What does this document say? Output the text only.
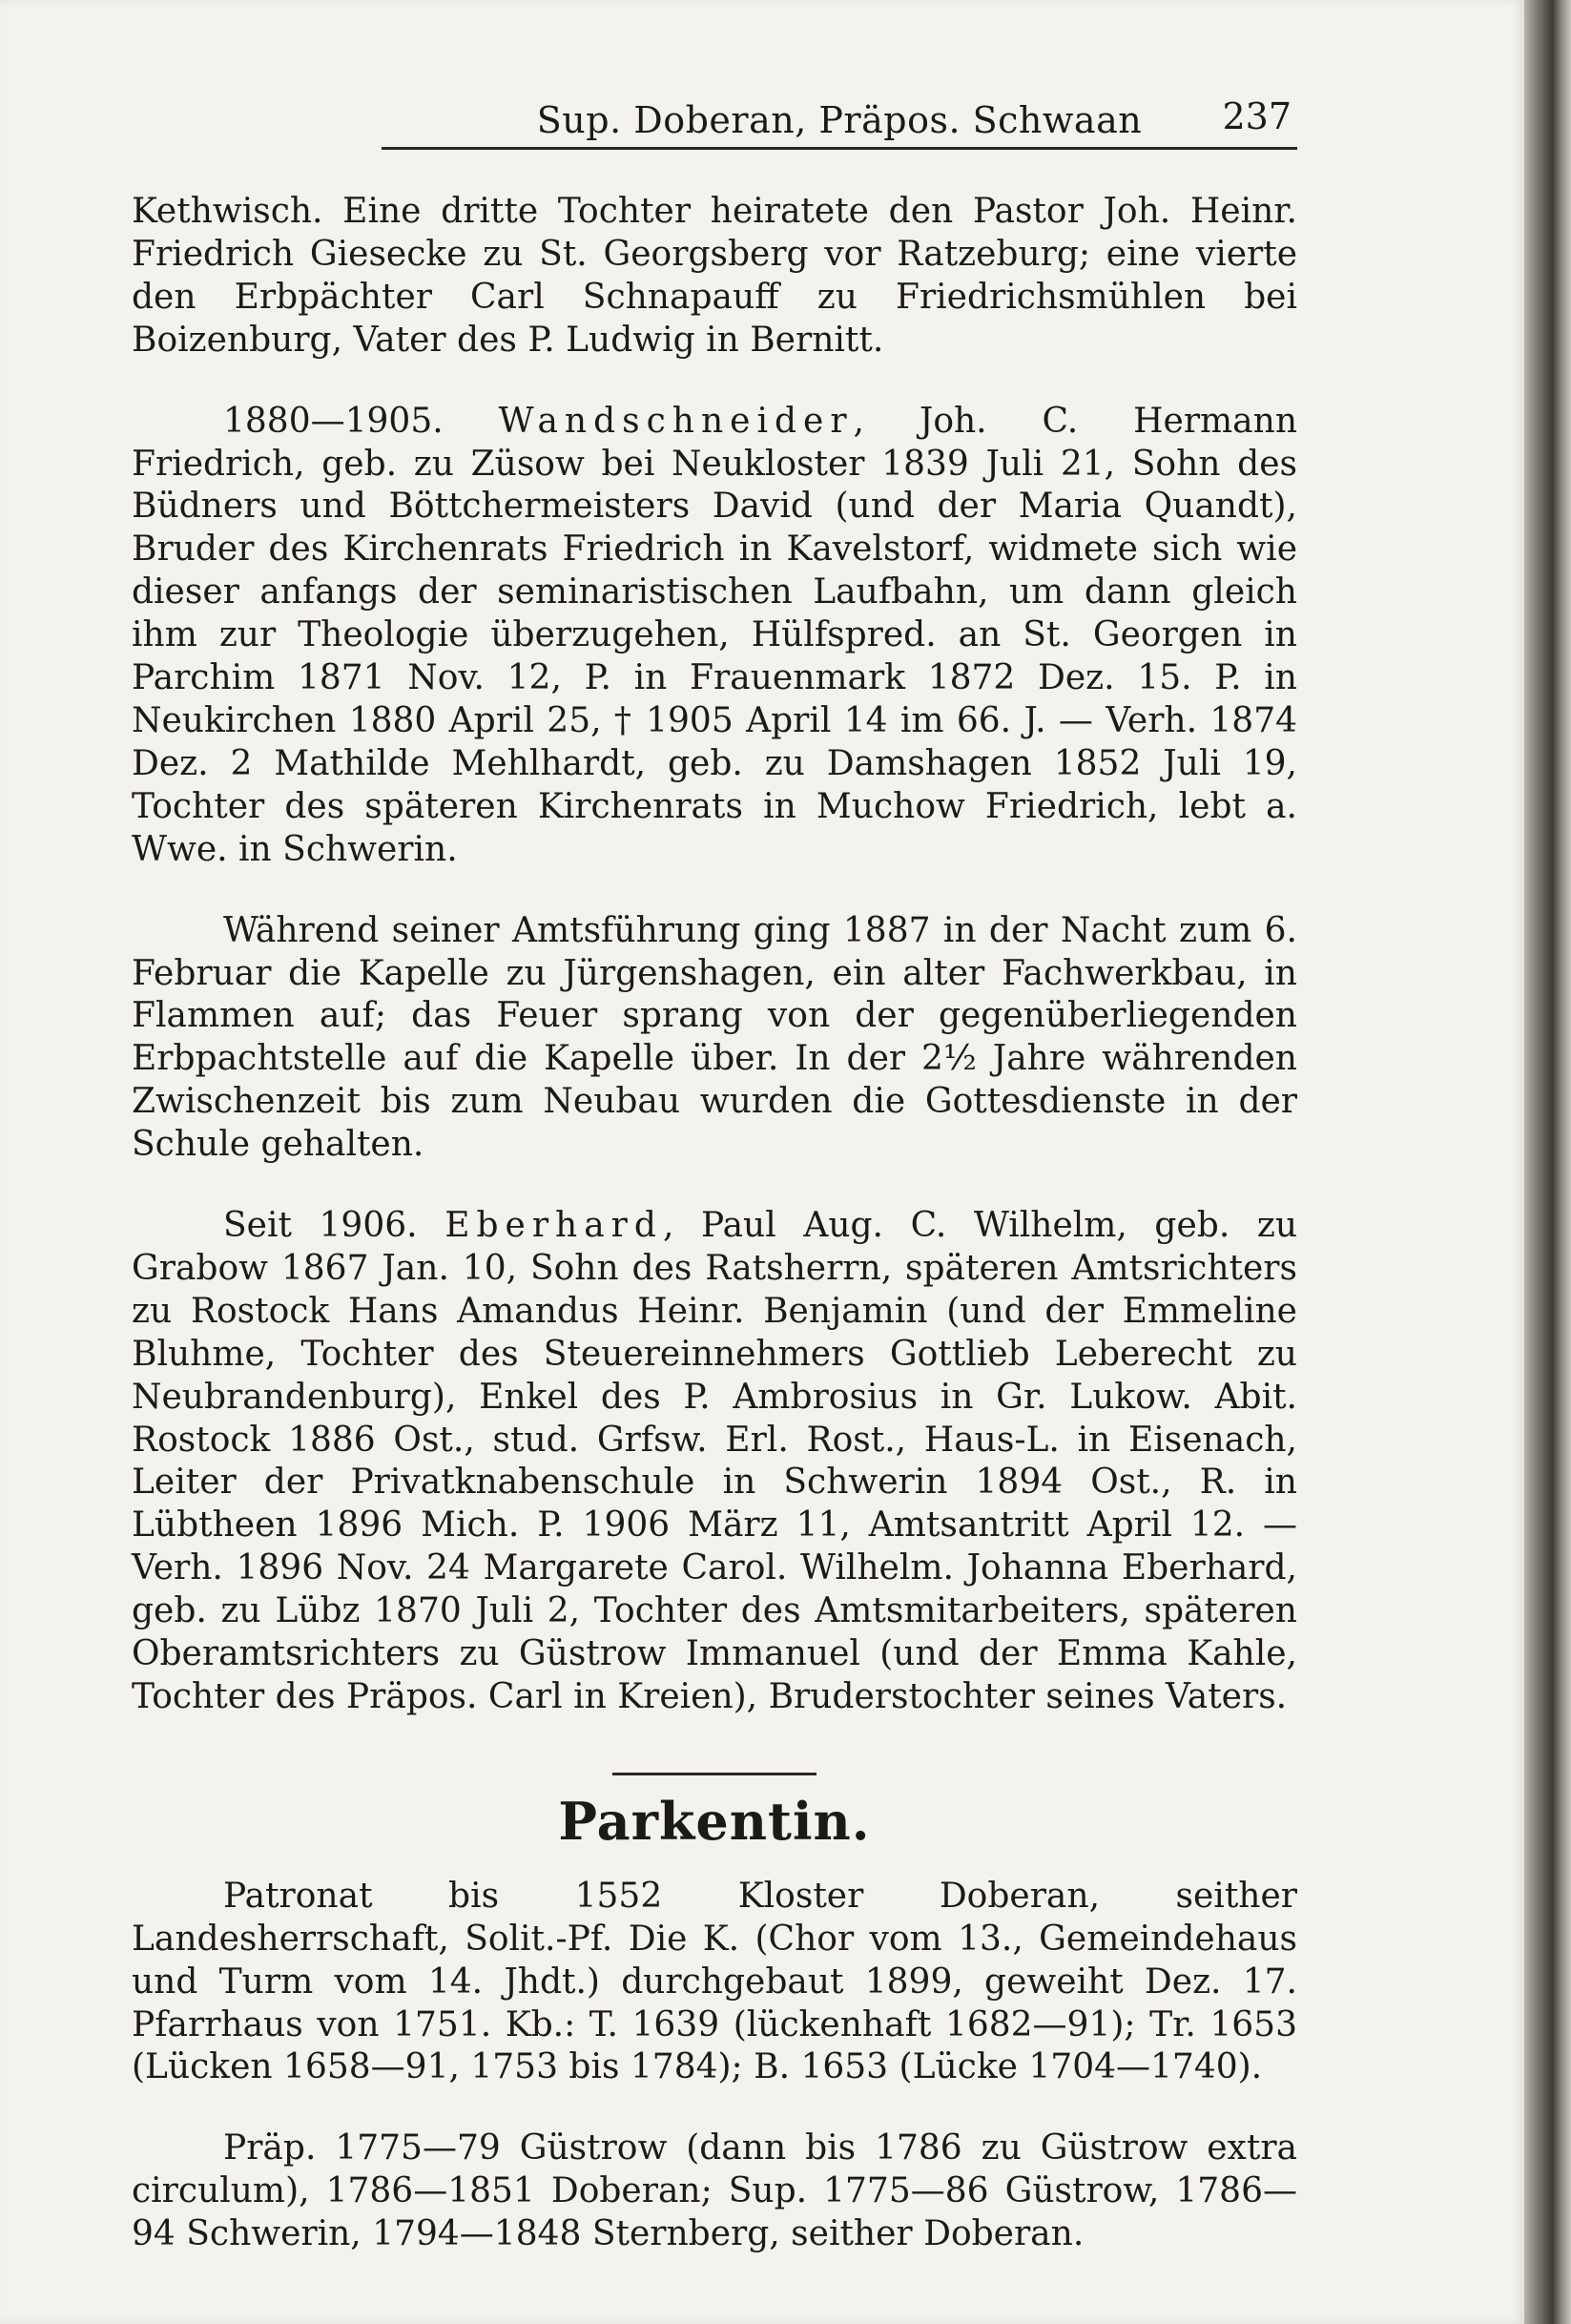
Sup. Doberan, Präpos. Schwaan	237

Kethwisch. Eine dritte Tochter heiratete den Pastor Joh. Heinr. Friedrich Giesecke zu St. Georgsberg vor Ratzeburg; eine vierte den Erbpächter Carl Schnapauff zu Friedrichsmühlen bei Boizenburg, Vater des P. Ludwig in Bernitt.

1880—1905. Wandschneider, Joh. C. Hermann Friedrich, geb. zu Züsow bei Neukloster 1839 Juli 21, Sohn des Büdners und Böttchermeisters David (und der Maria Quandt), Bruder des Kirchenrats Friedrich in Kavelstorf, widmete sich wie dieser anfangs der seminaristischen Laufbahn, um dann gleich ihm zur Theologie überzugehen, Hülfspred. an St. Georgen in Parchim 1871 Nov. 12, P. in Frauenmark 1872 Dez. 15. P. in Neukirchen 1880 April 25, † 1905 April 14 im 66. J. — Verh. 1874 Dez. 2 Mathilde Mehlhardt, geb. zu Damshagen 1852 Juli 19, Tochter des späteren Kirchenrats in Muchow Friedrich, lebt a. Wwe. in Schwerin.

Während seiner Amtsführung ging 1887 in der Nacht zum 6. Februar die Kapelle zu Jürgenshagen, ein alter Fachwerkbau, in Flammen auf; das Feuer sprang von der gegenüberliegenden Erbpachtstelle auf die Kapelle über. In der 2½ Jahre währenden Zwischenzeit bis zum Neubau wurden die Gottesdienste in der Schule gehalten.

Seit 1906. Eberhard, Paul Aug. C. Wilhelm, geb. zu Grabow 1867 Jan. 10, Sohn des Ratsherrn, späteren Amtsrichters zu Rostock Hans Amandus Heinr. Benjamin (und der Emmeline Bluhme, Tochter des Steuereinnehmers Gottlieb Leberecht zu Neubrandenburg), Enkel des P. Ambrosius in Gr. Lukow. Abit. Rostock 1886 Ost., stud. Grfsw. Erl. Rost., Haus-L. in Eisenach, Leiter der Privatknabenschule in Schwerin 1894 Ost., R. in Lübtheen 1896 Mich. P. 1906 März 11, Amtsantritt April 12. — Verh. 1896 Nov. 24 Margarete Carol. Wilhelm. Johanna Eberhard, geb. zu Lübz 1870 Juli 2, Tochter des Amtsmitarbeiters, späteren Oberamtsrichters zu Güstrow Immanuel (und der Emma Kahle, Tochter des Präpos. Carl in Kreien), Bruderstochter seines Vaters.

Parkentin.

Patronat bis 1552 Kloster Doberan, seither Landesherrschaft, Solit.-Pf. Die K. (Chor vom 13., Gemeindehaus und Turm vom 14. Jhdt.) durchgebaut 1899, geweiht Dez. 17. Pfarrhaus von 1751. Kb.: T. 1639 (lückenhaft 1682—91); Tr. 1653 (Lücken 1658—91, 1753 bis 1784); B. 1653 (Lücke 1704—1740).

Präp. 1775—79 Güstrow (dann bis 1786 zu Güstrow extra circulum), 1786—1851 Doberan; Sup. 1775—86 Güstrow, 1786—94 Schwerin, 1794—1848 Sternberg, seither Doberan.
